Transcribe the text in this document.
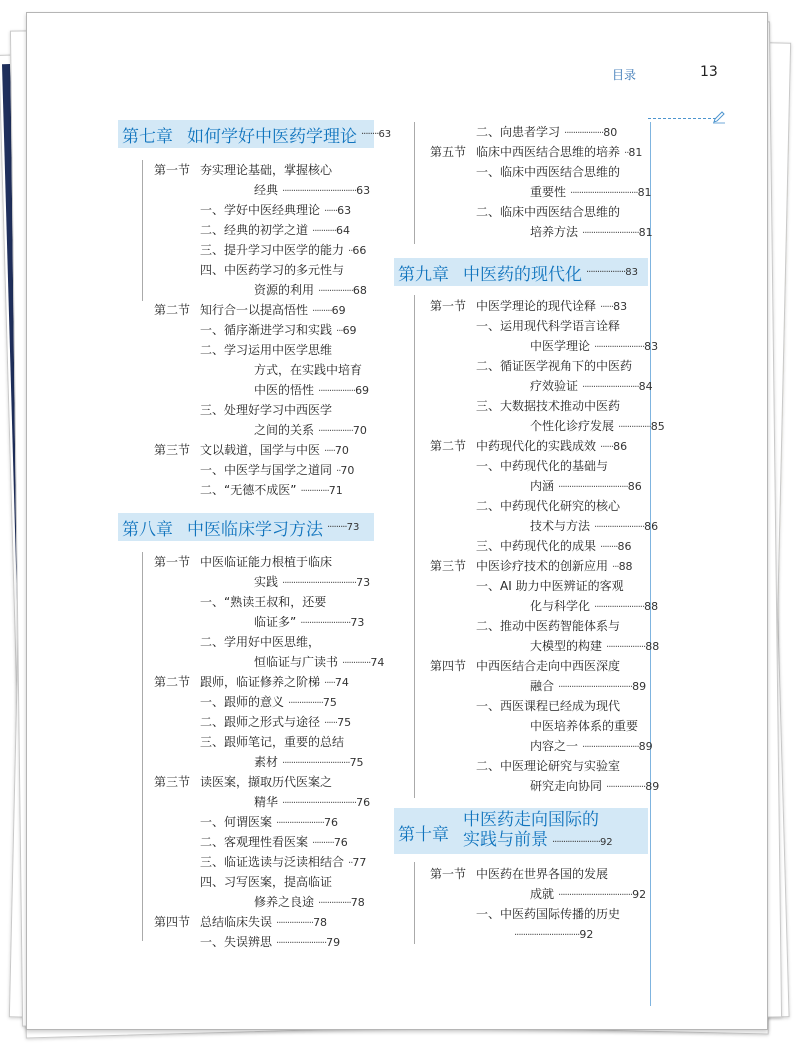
目录	13
第七章 如何学好中医药学理论 ········ 63
第八章 中医临床学习方法 ········· 73
第九章 中医药的现代化 ·················· 83
第十章
中医药走向国际的
实践与前景 ······················ 92
第一节 夯实理论基础，掌握核心
经典 ··································63
一、学好中医经典理论 ······63
二、经典的初学之道 ···········64
三、提升学习中医学的能力 ··66
四、中医药学习的多元性与
资源的利用 ················68
第二节 知行合一以提高悟性 ·········69
一、循序渐进学习和实践 ···69
二、学习运用中医学思维
方式，在实践中培育
中医的悟性 ·················69
三、处理好学习中西医学
之间的关系 ················70
第三节 文以载道，国学与中医 ·····70
一、中医学与国学之道同 ··70
二、“无德不成医” ·············71
第一节 中医临证能力根植于临床
实践 ··································73
一、“熟读王叔和，还要
临证多” ·······················73
二、学用好中医思维，
恒临证与广读书 ·············74
第二节 跟师，临证修养之阶梯 ·····74
一、跟师的意义 ················75
二、跟师之形式与途径 ······75
三、跟师笔记，重要的总结
素材 ·······························75
第三节 读医案，撷取历代医案之
精华 ··································76
一、何谓医案 ······················76
二、客观理性看医案 ··········76
三、临证选读与泛读相结合 ··77
四、习写医案，提高临证
修养之良途 ···············78
第四节 总结临床失误 ·················78
一、失误辨思 ·······················79
二、向患者学习 ··················80
第五节 临床中西医结合思维的培养 ··81
一、临床中西医结合思维的
重要性 ·······························81
二、临床中西医结合思维的
培养方法 ··························81
第一节 中医学理论的现代诠释 ······83
一、运用现代科学语言诠释
中医学理论 ·······················83
二、循证医学视角下的中医药
疗效验证 ··························84
三、大数据技术推动中医药
个性化诊疗发展 ···············85
第二节 中药现代化的实践成效 ······86
一、中药现代化的基础与
内涵 ································86
二、中药现代化研究的核心
技术与方法 ·······················86
三、中药现代化的成果 ········86
第三节 中医诊疗技术的创新应用 ···88
一、AI 助力中医辨证的客观
化与科学化 ·······················88
二、推动中医药智能体系与
大模型的构建 ··················88
第四节 中西医结合走向中西医深度
融合 ··································89
一、西医课程已经成为现代
中医培养体系的重要
内容之一 ··························89
二、中医理论研究与实验室
研究走向协同 ··················89
第一节 中医药在世界各国的发展
成就 ··································92
一、中医药国际传播的历史
······························92
